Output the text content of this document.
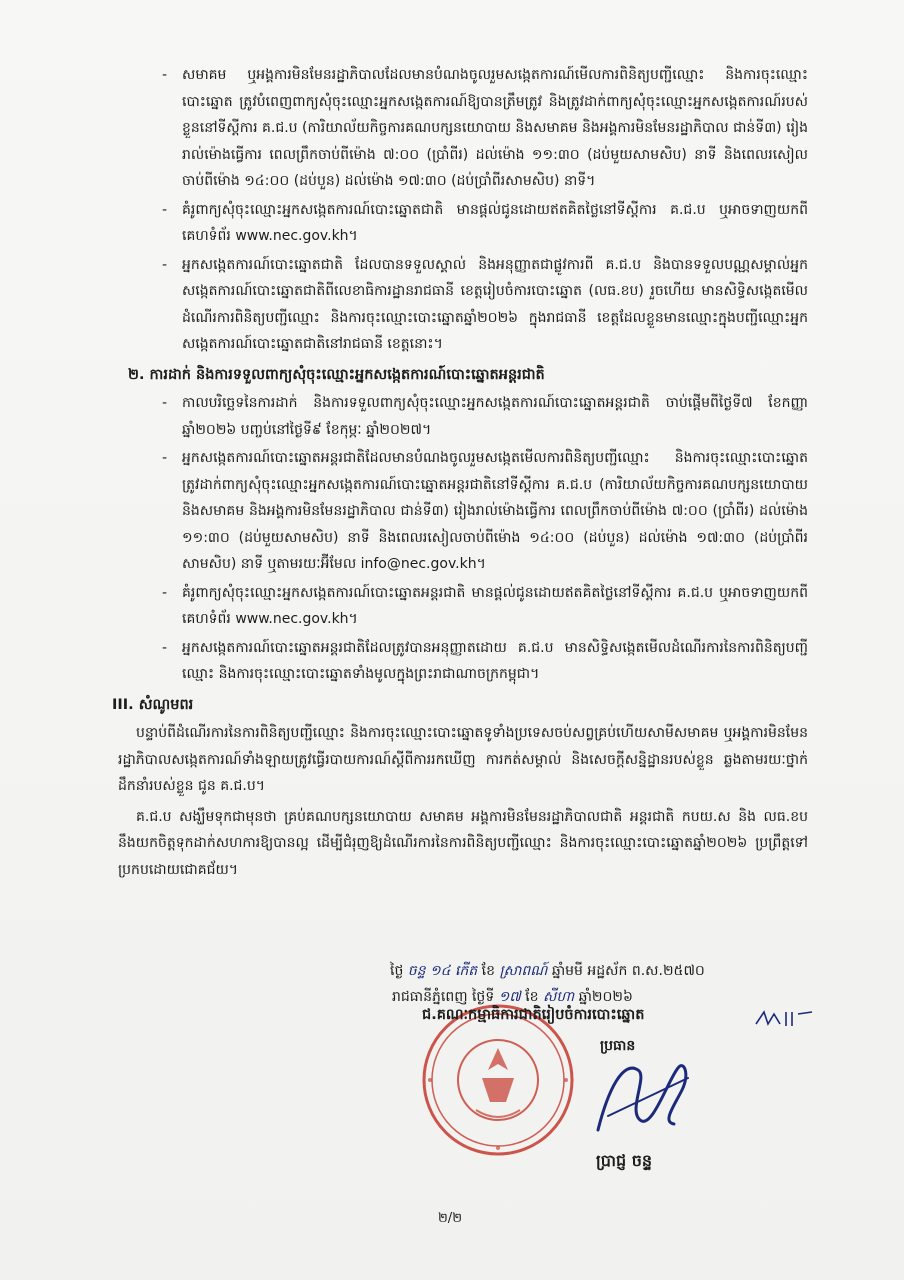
- សមាគម ឬអង្គការមិនមែនរដ្ឋាភិបាលដែលមានបំណងចូលរួមសង្កេតការណ៍មើលការពិនិត្យបញ្ជីឈ្មោះ និងការចុះឈ្មោះបោះឆ្នោត ត្រូវបំពេញពាក្យសុំចុះឈ្មោះអ្នកសង្កេតការណ៍ឱ្យបានត្រឹមត្រូវ និងត្រូវដាក់ពាក្យសុំចុះឈ្មោះអ្នកសង្កេតការណ៍របស់ខ្លួននៅទីស្តីការ គ.ជ.ប (ការិយាល័យកិច្ចការគណបក្សនយោបាយ និងសមាគម និងអង្គការមិនមែនរដ្ឋាភិបាល ជាន់ទី៣) រៀងរាល់ម៉ោងធ្វើការ ពេលព្រឹកចាប់ពីម៉ោង ៧:០០ (ប្រាំពីរ) ដល់ម៉ោង ១១:៣០ (ដប់មួយសាមសិប) នាទី និងពេលរសៀលចាប់ពីម៉ោង ១៤:០០ (ដប់បួន) ដល់ម៉ោង ១៧:៣០ (ដប់ប្រាំពីរសាមសិប) នាទី។
- គំរូពាក្យសុំចុះឈ្មោះអ្នកសង្កេតការណ៍បោះឆ្នោតជាតិ មានផ្តល់ជូនដោយឥតគិតថ្លៃនៅទីស្តីការ គ.ជ.ប ឬអាចទាញយកពីគេហទំព័រ www.nec.gov.kh។
- អ្នកសង្កេតការណ៍បោះឆ្នោតជាតិ ដែលបានទទួលស្គាល់ និងអនុញ្ញាតជាផ្លូវការពី គ.ជ.ប និងបានទទួលបណ្ណសម្គាល់អ្នកសង្កេតការណ៍បោះឆ្នោតជាតិពីលេខាធិការដ្ឋានរាជធានី ខេត្តរៀបចំការបោះឆ្នោត (លធ.ខប) រួចហើយ មានសិទ្ធិសង្កេតមើលដំណើរការពិនិត្យបញ្ជីឈ្មោះ និងការចុះឈ្មោះបោះឆ្នោតឆ្នាំ២០២៦ ក្នុងរាជធានី ខេត្តដែលខ្លួនមានឈ្មោះក្នុងបញ្ជីឈ្មោះអ្នកសង្កេតការណ៍បោះឆ្នោតជាតិនៅរាជធានី ខេត្តនោះ។
២. ការដាក់ និងការទទួលពាក្យសុំចុះឈ្មោះអ្នកសង្កេតការណ៍បោះឆ្នោតអន្តរជាតិ
- កាលបរិច្ឆេទនៃការដាក់ និងការទទួលពាក្យសុំចុះឈ្មោះអ្នកសង្កេតការណ៍បោះឆ្នោតអន្តរជាតិ ចាប់ផ្តើមពីថ្ងៃទី៧ ខែកញ្ញា ឆ្នាំ២០២៦ បញ្ចប់នៅថ្ងៃទី៩ ខែកុម្ភៈ ឆ្នាំ២០២៧។
- អ្នកសង្កេតការណ៍បោះឆ្នោតអន្តរជាតិដែលមានបំណងចូលរួមសង្កេតមើលការពិនិត្យបញ្ជីឈ្មោះ និងការចុះឈ្មោះបោះឆ្នោត ត្រូវដាក់ពាក្យសុំចុះឈ្មោះអ្នកសង្កេតការណ៍បោះឆ្នោតអន្តរជាតិនៅទីស្តីការ គ.ជ.ប (ការិយាល័យកិច្ចការគណបក្សនយោបាយ និងសមាគម និងអង្គការមិនមែនរដ្ឋាភិបាល ជាន់ទី៣) រៀងរាល់ម៉ោងធ្វើការ ពេលព្រឹកចាប់ពីម៉ោង ៧:០០ (ប្រាំពីរ) ដល់ម៉ោង ១១:៣០ (ដប់មួយសាមសិប) នាទី និងពេលរសៀលចាប់ពីម៉ោង ១៤:០០ (ដប់បួន) ដល់ម៉ោង ១៧:៣០ (ដប់ប្រាំពីរសាមសិប) នាទី ឬតាមរយៈអ៊ីមែល info@nec.gov.kh។
- គំរូពាក្យសុំចុះឈ្មោះអ្នកសង្កេតការណ៍បោះឆ្នោតអន្តរជាតិ មានផ្តល់ជូនដោយឥតគិតថ្លៃនៅទីស្តីការ គ.ជ.ប ឬអាចទាញយកពីគេហទំព័រ www.nec.gov.kh។
- អ្នកសង្កេតការណ៍បោះឆ្នោតអន្តរជាតិដែលត្រូវបានអនុញ្ញាតដោយ គ.ជ.ប មានសិទ្ធិសង្កេតមើលដំណើរការនៃការពិនិត្យបញ្ជីឈ្មោះ និងការចុះឈ្មោះបោះឆ្នោតទាំងមូលក្នុងព្រះរាជាណាចក្រកម្ពុជា។
III. សំណូមពរ
បន្ទាប់ពីដំណើរការនៃការពិនិត្យបញ្ជីឈ្មោះ និងការចុះឈ្មោះបោះឆ្នោតទូទាំងប្រទេសចប់សព្វគ្រប់ហើយសាមីសមាគម ឬអង្គការមិនមែនរដ្ឋាភិបាលសង្កេតការណ៍ទាំងឡាយត្រូវធ្វើរបាយការណ៍ស្តីពីការរកឃើញ ការកត់សម្គាល់ និងសេចក្តីសន្និដ្ឋានរបស់ខ្លួន ឆ្លងតាមរយៈថ្នាក់ដឹកនាំរបស់ខ្លួន ជូន គ.ជ.ប។
គ.ជ.ប សង្ឃឹមទុកជាមុនថា គ្រប់គណបក្សនយោបាយ សមាគម អង្គការមិនមែនរដ្ឋាភិបាលជាតិ អន្តរជាតិ កបយ.ស និង លធ.ខប នឹងយកចិត្តទុកដាក់សហការឱ្យបានល្អ ដើម្បីជំរុញឱ្យដំណើរការនៃការពិនិត្យបញ្ជីឈ្មោះ និងការចុះឈ្មោះបោះឆ្នោតឆ្នាំ២០២៦ ប្រព្រឹត្តទៅប្រកបដោយជោគជ័យ។
ថ្ងៃ ចន្ទ ១៤ កើត ខែ ស្រាពណ៍ ឆ្នាំមមី អដ្ឋស័ក ព.ស.២៥៧០
រាជធានីភ្នំពេញ ថ្ងៃទី ១៧ ខែ សីហា ឆ្នាំ២០២៦
ជ.គណៈកម្មាធិការជាតិរៀបចំការបោះឆ្នោត
ប្រធាន
ប្រាជ្ញ ចន្ទ
២/២
